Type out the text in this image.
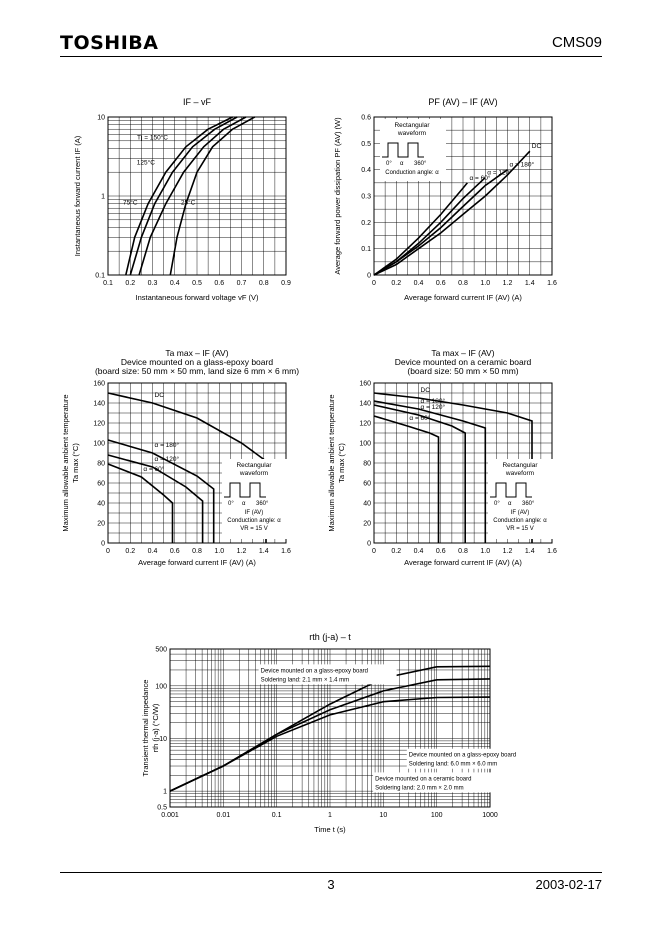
TOSHIBA	CMS09
3	2003-02-17
0.1 0.2 0.3 0.4 0.5 0.6 0.7 0.8 0.9
0.1
1
10
IF – vF
Instantaneous forward voltage vF (V)
Instantaneous forward current IF (A)	Tj = 150°C
125°C
75°C	25°C
0 0.2 0.4 0.6 0.8 1.0 1.2 1.4 1.6
0
0.1
0.2
0.3
0.4
0.5
0.6
PF (AV) – IF (AV)
Average forward current IF (AV) (A)
Average forward power dissipation PF (AV) (W)	α = 60°
α = 120°
α = 180°
DC
Rectangular
waveform
0° α 360°
Conduction angle: α
0 0.2 0.4 0.6 0.8 1.0 1.2 1.4 1.6
0
20
40
60
80
100
120
140
160
Ta max – IF (AV)
Device mounted on a glass-epoxy board
(board size: 50 mm × 50 mm, land size 6 mm × 6 mm)
Average forward current IF (AV) (A)
Maximum allowable ambient temperature Ta max (°C)
DC
α = 180°
α = 120°
α = 60°
Rectangular
waveform
0° α 360°
IF (AV)
Conduction angle: α
VR = 15 V
0 0.2 0.4 0.6 0.8 1.0 1.2 1.4 1.6
0
20
40
60
80
100
120
140
160
Ta max – IF (AV)
Device mounted on a ceramic board
(board size: 50 mm × 50 mm)
Average forward current IF (AV) (A)
Maximum allowable ambient temperature Ta max (°C)
DC
α = 180°
α = 120°
α = 60°
Rectangular
waveform
0° α 360°
IF (AV)
Conduction angle: α
VR = 15 V
0.001	0.01	0.1	1	10	100	1000
0.5
1
10
100
500
rth (j-a) – t
Time t (s)
Transient thermal impedance rth (j-a) (°C/W)
Device mounted on a glass-epoxy board
Soldering land: 2.1 mm × 1.4 mm
Device mounted on a glass-epoxy board
Soldering land: 6.0 mm × 6.0 mm
Device mounted on a ceramic board
Soldering land: 2.0 mm × 2.0 mm
